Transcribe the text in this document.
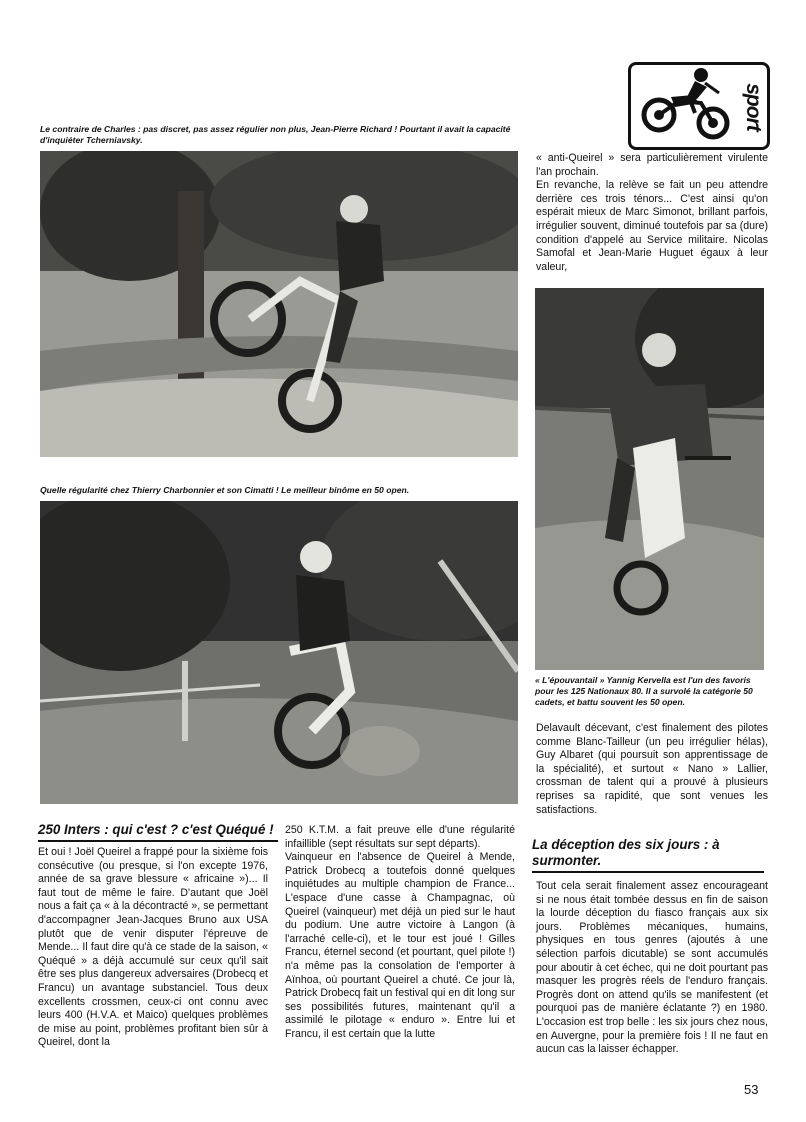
sport
Le contraire de Charles : pas discret, pas assez régulier non plus, Jean-Pierre Richard ! Pourtant il avait la capacité d'inquiéter Tcherniavsky.
Quelle régularité chez Thierry Charbonnier et son Cimatti ! Le meilleur binôme en 50 open.
« L'épouvantail » Yannig Kervella est l'un des favoris pour les 125 Nationaux 80. Il a survolé la catégorie 50 cadets, et battu souvent les 50 open.

« anti-Queirel » sera particulièrement virulente l'an prochain.

En revanche, la relève se fait un peu attendre derrière ces trois ténors... C'est ainsi qu'on espérait mieux de Marc Simonot, brillant parfois, irrégulier souvent, diminué toutefois par sa (dure) condition d'appelé au Service militaire. Nicolas Samofal et Jean-Marie Huguet égaux à leur valeur,

250 Inters : qui c'est ? c'est Quéqué !

Et oui ! Joël Queirel a frappé pour la sixième fois consécutive (ou presque, si l'on excepte 1976, année de sa grave blessure « africaine »)... Il faut tout de même le faire. D'autant que Joël nous a fait ça « à la décontracté », se permettant d'accompagner Jean-Jacques Bruno aux USA plutôt que de venir disputer l'épreuve de Mende... Il faut dire qu'à ce stade de la saison, « Quéqué » a déjà accumulé sur ceux qu'il sait être ses plus dangereux adversaires (Drobecq et Francu) un avantage substanciel. Tous deux excellents crossmen, ceux-ci ont connu avec leurs 400 (H.V.A. et Maico) quelques problèmes de mise au point, problèmes profitant bien sûr à Queirel, dont la

250 K.T.M. a fait preuve elle d'une régularité infaillible (sept résultats sur sept départs).

Vainqueur en l'absence de Queirel à Mende, Patrick Drobecq a toutefois donné quelques inquiétudes au multiple champion de France... L'espace d'une casse à Champagnac, où Queirel (vainqueur) met déjà un pied sur le haut du podium. Une autre victoire à Langon (à l'arraché celle-ci), et le tour est joué ! Gilles Francu, éternel second (et pourtant, quel pilote !) n'a même pas la consolation de l'emporter à Aïnhoa, où pourtant Queirel a chuté. Ce jour là, Patrick Drobecq fait un festival qui en dit long sur ses possibilités futures, maintenant qu'il a assimilé le pilotage « enduro ». Entre lui et Francu, il est certain que la lutte

Delavault décevant, c'est finalement des pilotes comme Blanc-Tailleur (un peu irrégulier hélas), Guy Albaret (qui poursuit son apprentissage de la spécialité), et surtout « Nano » Lallier, crossman de talent qui a prouvé à plusieurs reprises sa rapidité, que sont venues les satisfactions.

La déception des six jours : à surmonter.

Tout cela serait finalement assez encourageant si ne nous était tombée dessus en fin de saison la lourde déception du fiasco français aux six jours. Problèmes mécaniques, humains, physiques en tous genres (ajoutés à une sélection parfois dicutable) se sont accumulés pour aboutir à cet échec, qui ne doit pourtant pas masquer les progrès réels de l'enduro français. Progrès dont on attend qu'ils se manifestent (et pourquoi pas de manière éclatante ?) en 1980. L'occasion est trop belle : les six jours chez nous, en Auvergne, pour la première fois ! Il ne faut en aucun cas la laisser échapper.

53
